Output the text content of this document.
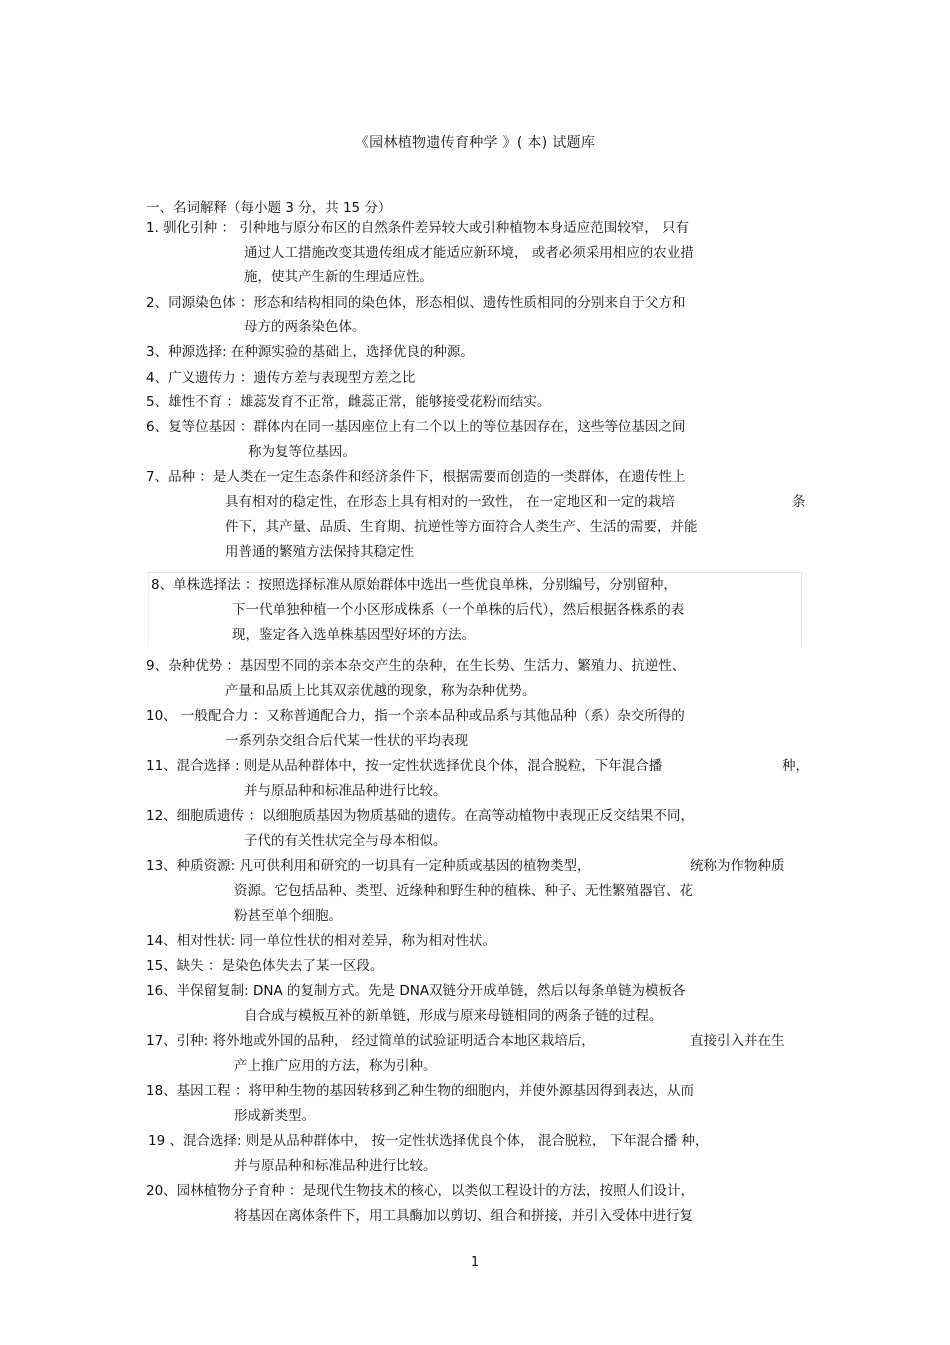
《园林植物遗传育种学 》( 本) 试题库
一、名词解释（每小题 3 分，共 15 分）
1. 驯化引种 ： 引种地与原分布区的自然条件差异较大或引种植物本身适应范围较窄， 只有
通过人工措施改变其遗传组成才能适应新环境， 或者必须采用相应的农业措
施，使其产生新的生理适应性。
2、同源染色体 ：形态和结构相同的染色体，形态相似、遗传性质相同的分别来自于父方和
母方的两条染色体。
3、种源选择: 在种源实验的基础上，选择优良的种源。
4、广义遗传力 ：遗传方差与表现型方差之比
5、雄性不育 ：雄蕊发育不正常，雌蕊正常，能够接受花粉而结实。
6、复等位基因 ：群体内在同一基因座位上有二个以上的等位基因存在，这些等位基因之间
称为复等位基因。
7、品种 ：是人类在一定生态条件和经济条件下，根据需要而创造的一类群体，在遗传性上
具有相对的稳定性，在形态上具有相对的一致性， 在一定地区和一定的栽培	条
件下，其产量、品质、生育期、抗逆性等方面符合人类生产、生活的需要，并能
用普通的繁殖方法保持其稳定性
8、单株选择法 ：按照选择标准从原始群体中选出一些优良单株，分别编号，分别留种，
下一代单独种植一个小区形成株系（一个单株的后代），然后根据各株系的表
现，鉴定各入选单株基因型好坏的方法。
9、杂种优势 ：基因型不同的亲本杂交产生的杂种，在生长势、生活力、繁殖力、抗逆性、
产量和品质上比其双亲优越的现象，称为杂种优势。
10、 一般配合力 ：又称普通配合力，指一个亲本品种或品系与其他品种（系）杂交所得的
一系列杂交组合后代某一性状的平均表现
11、混合选择 : 则是从品种群体中，按一定性状选择优良个体，混合脱粒，下年混合播	种，
并与原品种和标准品种进行比较。
12、细胞质遗传 ：以细胞质基因为物质基础的遗传。在高等动植物中表现正反交结果不同，
子代的有关性状完全与母本相似。
13、种质资源: 凡可供利用和研究的一切具有一定种质或基因的植物类型，	统称为作物种质
资源。它包括品种、类型、近缘种和野生种的植株、种子、无性繁殖器官、花
粉甚至单个细胞。
14、相对性状: 同一单位性状的相对差异，称为相对性状。
15、缺失 ：是染色体失去了某一区段。
16、半保留复制: DNA 的复制方式。先是 DNA双链分开成单链，然后以每条单链为模板各
自合成与模板互补的新单链，形成与原来母链相同的两条子链的过程。
17、引种: 将外地或外国的品种， 经过简单的试验证明适合本地区栽培后，	直接引入并在生
产上推广应用的方法，称为引种。
18、基因工程 ：将甲种生物的基因转移到乙种生物的细胞内，并使外源基因得到表达，从而
形成新类型。
19 、混合选择: 则是从品种群体中， 按一定性状选择优良个体， 混合脱粒， 下年混合播 种，
并与原品种和标准品种进行比较。
20、园林植物分子育种 ：是现代生物技术的核心，以类似工程设计的方法，按照人们设计，
将基因在离体条件下，用工具酶加以剪切、组合和拼接，并引入受体中进行复
1
